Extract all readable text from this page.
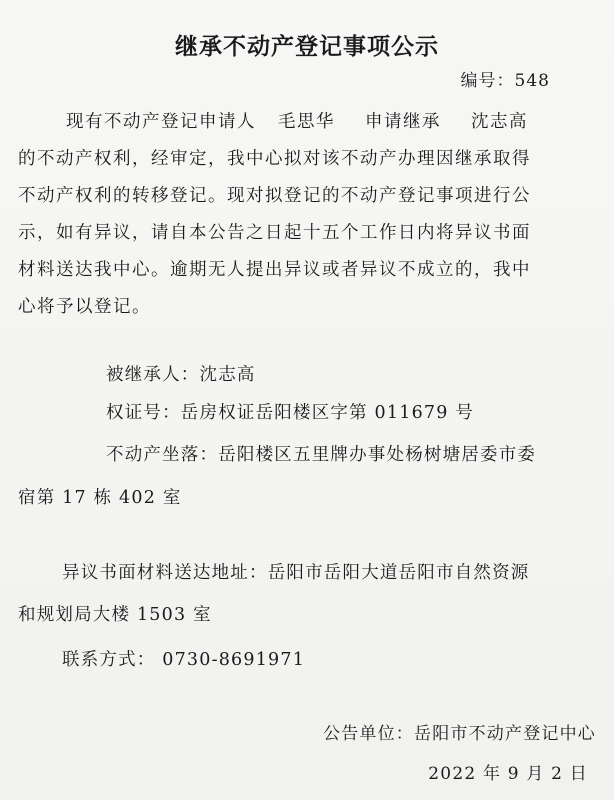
继承不动产登记事项公示
编号：548
现有不动产登记申请人 毛思华 申请继承 沈志高
的不动产权利，经审定，我中心拟对该不动产办理因继承取得
不动产权利的转移登记。现对拟登记的不动产登记事项进行公
示，如有异议，请自本公告之日起十五个工作日内将异议书面
材料送达我中心。逾期无人提出异议或者异议不成立的，我中
心将予以登记。
被继承人：沈志高
权证号：岳房权证岳阳楼区字第 011679 号
不动产坐落：岳阳楼区五里牌办事处杨树塘居委市委
宿第 17 栋 402 室
异议书面材料送达地址：岳阳市岳阳大道岳阳市自然资源
和规划局大楼 1503 室
联系方式： 0730-8691971
公告单位：岳阳市不动产登记中心
2022 年 9 月 2 日
